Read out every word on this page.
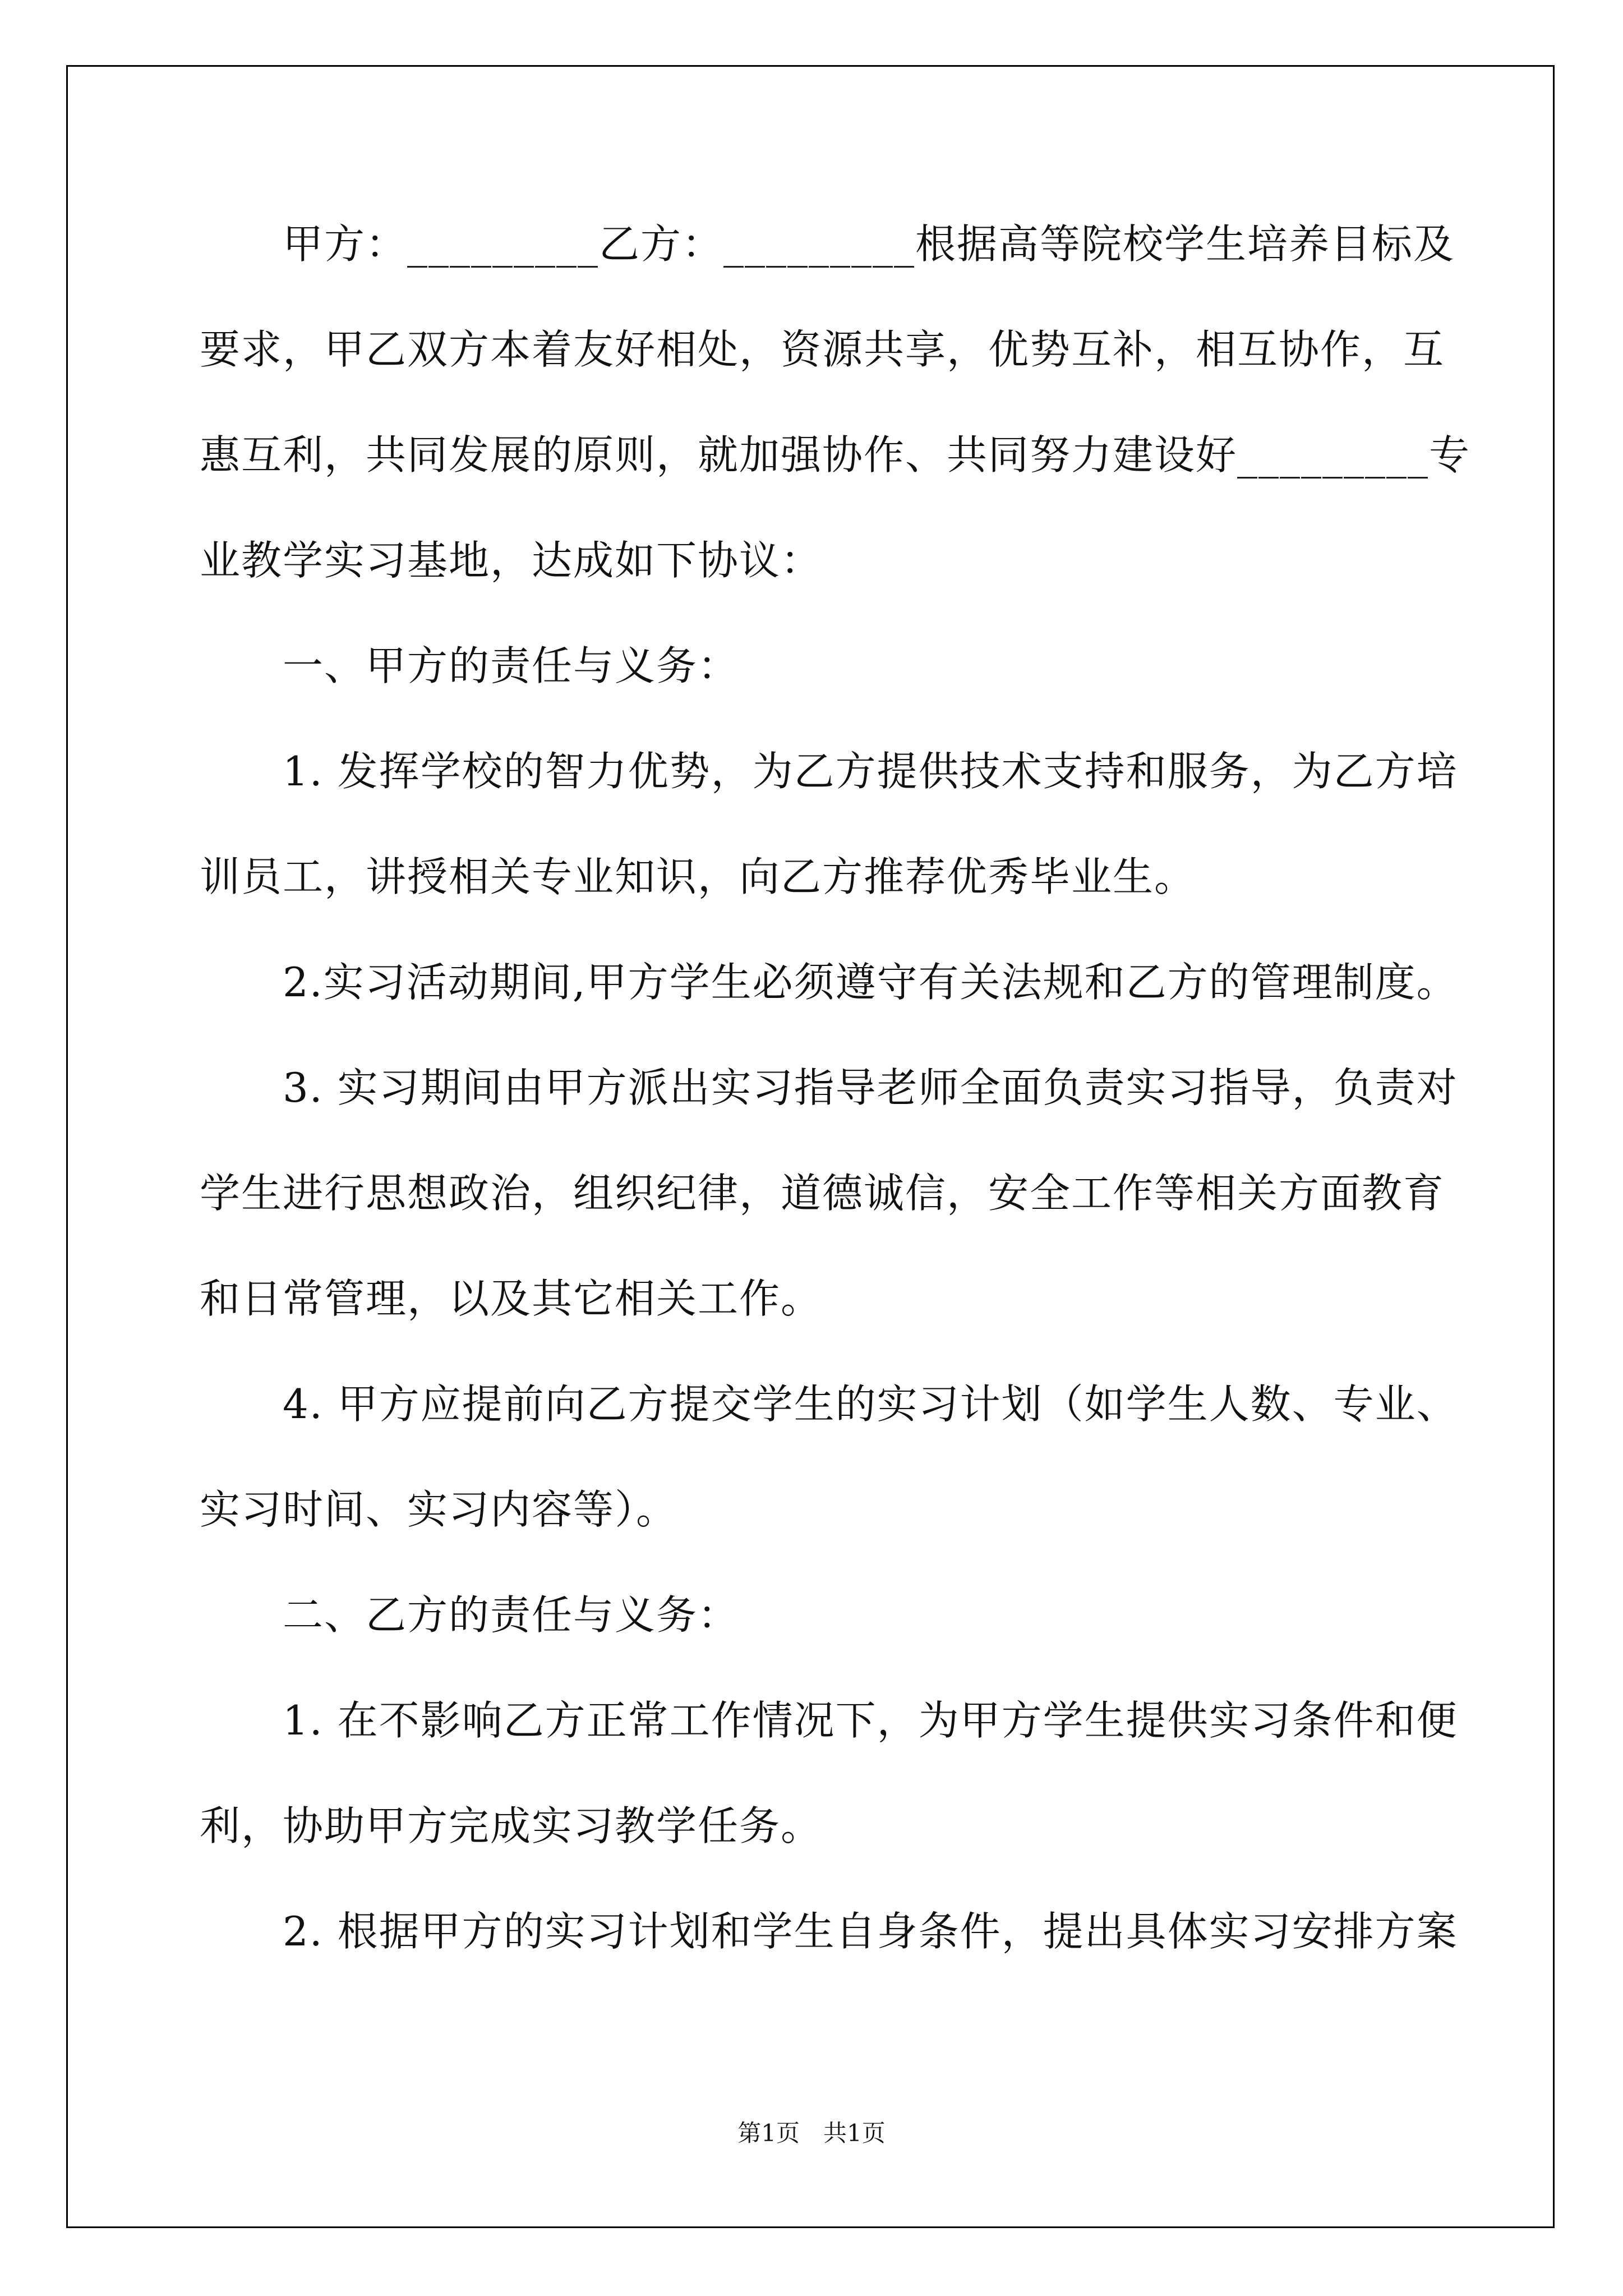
　　甲方：_________乙方：_________根据高等院校学生培养目标及
要求，甲乙双方本着友好相处，资源共享，优势互补，相互协作，互
惠互利，共同发展的原则，就加强协作、共同努力建设好_________专
业教学实习基地，达成如下协议：
　　一、甲方的责任与义务：
　　1. 发挥学校的智力优势，为乙方提供技术支持和服务，为乙方培
训员工，讲授相关专业知识，向乙方推荐优秀毕业生。
　　2.实习活动期间,甲方学生必须遵守有关法规和乙方的管理制度。
　　3. 实习期间由甲方派出实习指导老师全面负责实习指导，负责对
学生进行思想政治，组织纪律，道德诚信，安全工作等相关方面教育
和日常管理，以及其它相关工作。
　　4. 甲方应提前向乙方提交学生的实习计划（如学生人数、专业、
实习时间、实习内容等）。
　　二、乙方的责任与义务：
　　1. 在不影响乙方正常工作情况下，为甲方学生提供实习条件和便
利，协助甲方完成实习教学任务。
　　2. 根据甲方的实习计划和学生自身条件，提出具体实习安排方案
第1页　共1页
